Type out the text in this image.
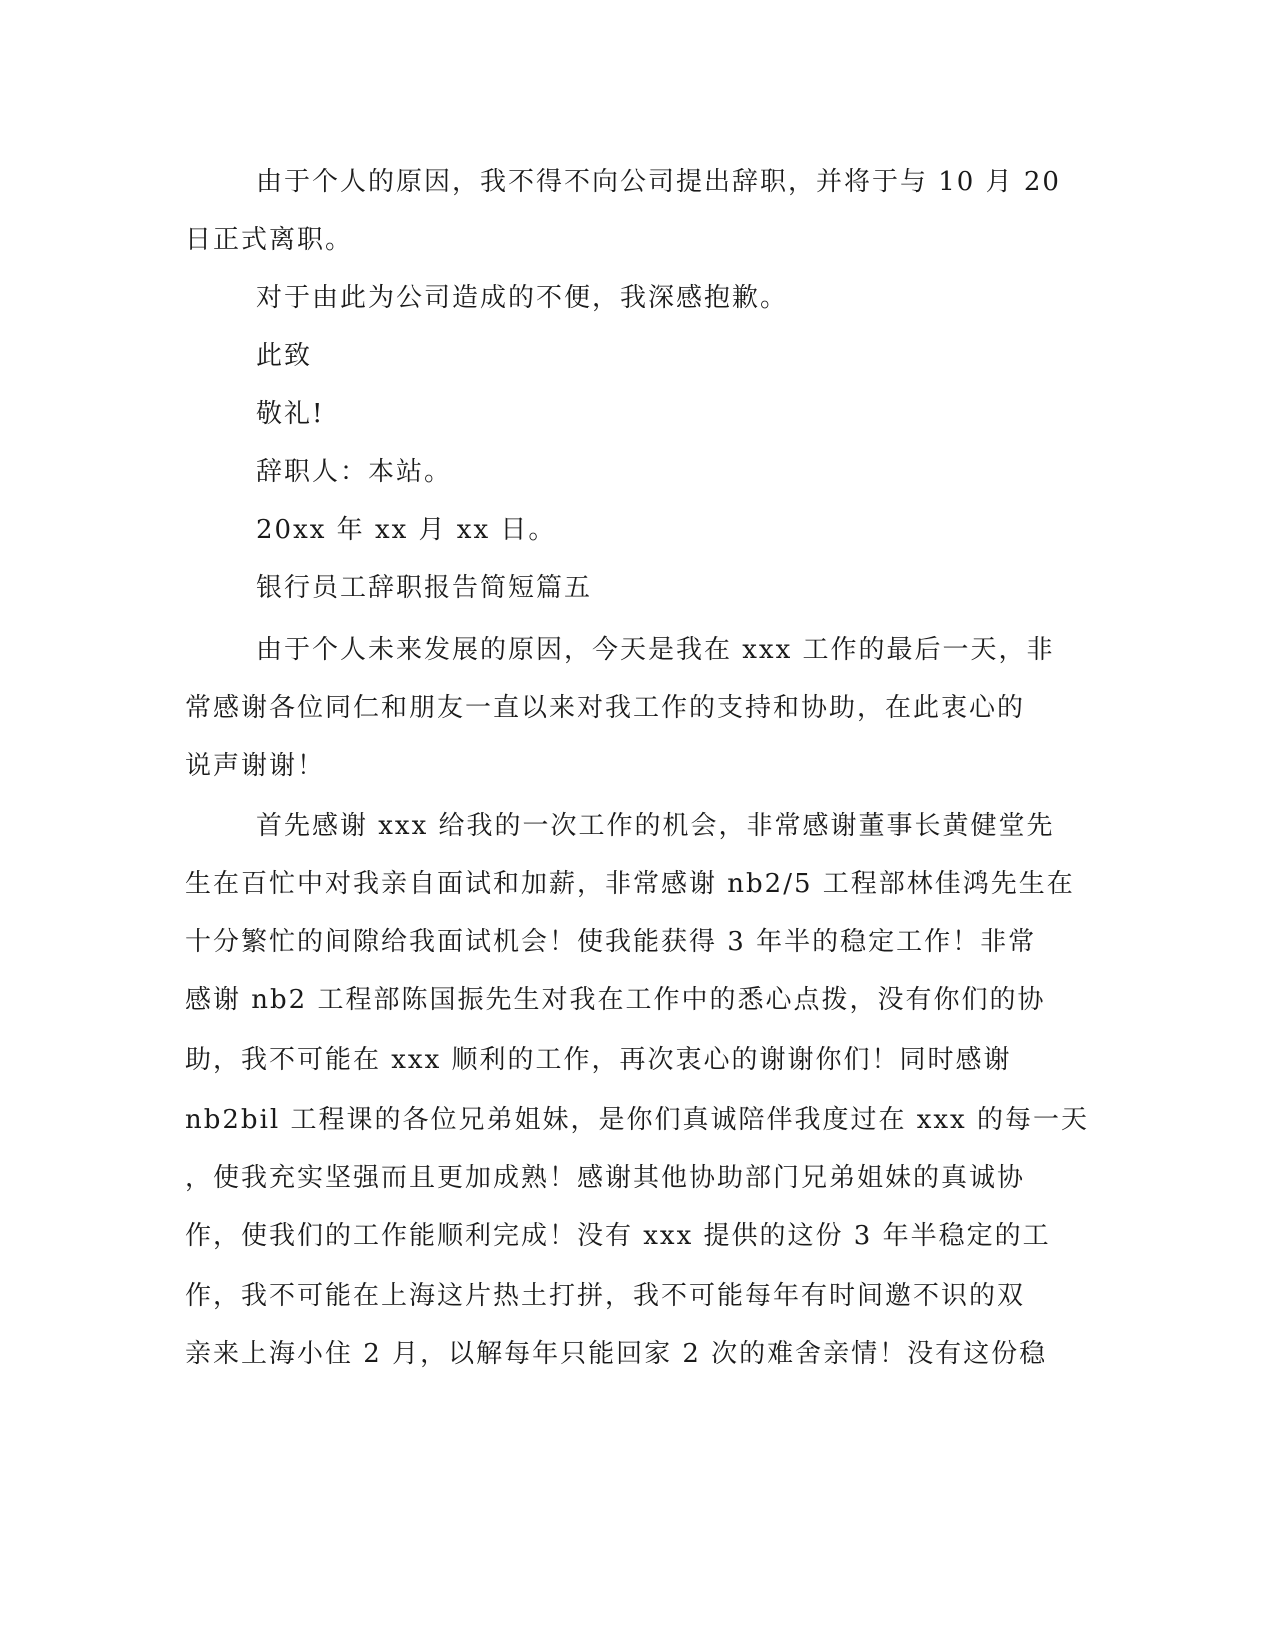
由于个人的原因，我不得不向公司提出辞职，并将于与 10 月 20
日正式离职。
对于由此为公司造成的不便，我深感抱歉。
此致
敬礼!
辞职人：本站。
20xx 年 xx 月 xx 日。
银行员工辞职报告简短篇五
由于个人未来发展的原因，今天是我在 xxx 工作的最后一天，非
常感谢各位同仁和朋友一直以来对我工作的支持和协助，在此衷心的
说声谢谢！
首先感谢 xxx 给我的一次工作的机会，非常感谢董事长黄健堂先
生在百忙中对我亲自面试和加薪，非常感谢 nb2/5 工程部林佳鸿先生在
十分繁忙的间隙给我面试机会！使我能获得 3 年半的稳定工作！非常
感谢 nb2 工程部陈国振先生对我在工作中的悉心点拨，没有你们的协
助，我不可能在 xxx 顺利的工作，再次衷心的谢谢你们！同时感谢
nb2bil 工程课的各位兄弟姐妹，是你们真诚陪伴我度过在 xxx 的每一天
，使我充实坚强而且更加成熟！感谢其他协助部门兄弟姐妹的真诚协
作，使我们的工作能顺利完成！没有 xxx 提供的这份 3 年半稳定的工
作，我不可能在上海这片热土打拼，我不可能每年有时间邀不识的双
亲来上海小住 2 月，以解每年只能回家 2 次的难舍亲情！没有这份稳
